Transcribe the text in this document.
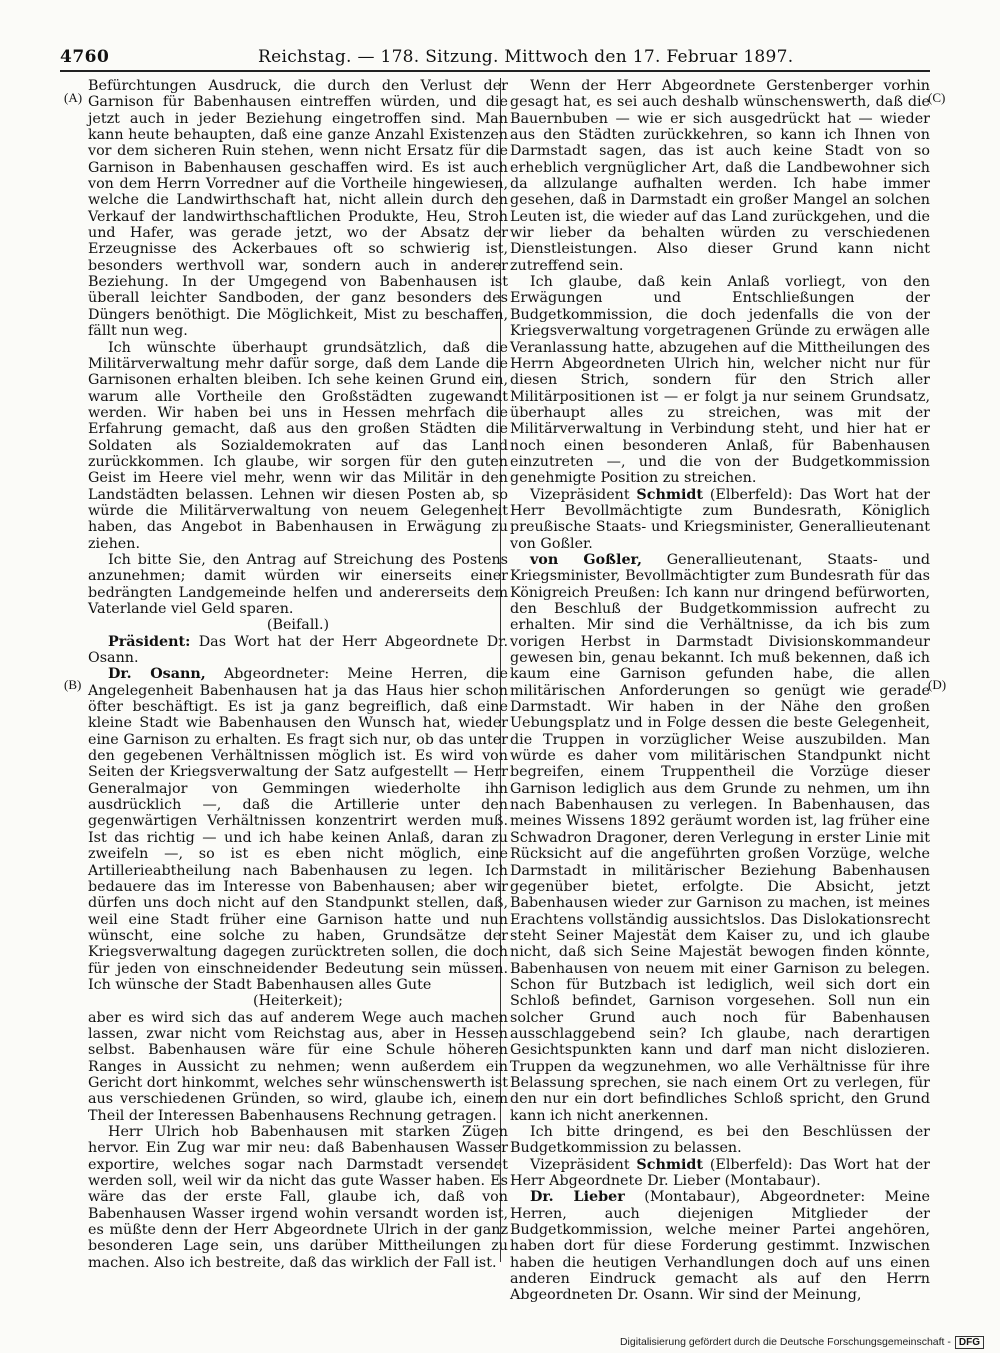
4760	Reichstag. — 178. Sitzung. Mittwoch den 17. Februar 1897.
(A)
(B)
(C)
(D)

Befürchtungen Ausdruck, die durch den Verlust der Garnison für Babenhausen eintreffen würden, und die jetzt auch in jeder Beziehung eingetroffen sind. Man kann heute behaupten, daß eine ganze Anzahl Existenzen vor dem sicheren Ruin stehen, wenn nicht Ersatz für die Garnison in Babenhausen geschaffen wird. Es ist auch von dem Herrn Vorredner auf die Vortheile hingewiesen, welche die Landwirthschaft hat, nicht allein durch den Verkauf der landwirthschaftlichen Produkte, Heu, Stroh und Hafer, was gerade jetzt, wo der Absatz der Erzeugnisse des Ackerbaues oft so schwierig ist, besonders werthvoll war, sondern auch in anderer Beziehung. In der Umgegend von Babenhausen ist überall leichter Sandboden, der ganz besonders des Düngers benöthigt. Die Möglichkeit, Mist zu beschaffen, fällt nun weg.

Ich wünschte überhaupt grundsätzlich, daß die Militärverwaltung mehr dafür sorge, daß dem Lande die Garnisonen erhalten bleiben. Ich sehe keinen Grund ein, warum alle Vortheile den Großstädten zugewandt werden. Wir haben bei uns in Hessen mehrfach die Erfahrung gemacht, daß aus den großen Städten die Soldaten als Sozialdemokraten auf das Land zurückkommen. Ich glaube, wir sorgen für den guten Geist im Heere viel mehr, wenn wir das Militär in den Landstädten belassen. Lehnen wir diesen Posten ab, so würde die Militärverwaltung von neuem Gelegenheit haben, das Angebot in Babenhausen in Erwägung zu ziehen.

Ich bitte Sie, den Antrag auf Streichung des Postens anzunehmen; damit würden wir einerseits einer bedrängten Landgemeinde helfen und andererseits dem Vaterlande viel Geld sparen.

(Beifall.)

Präsident: Das Wort hat der Herr Abgeordnete Dr. Osann.

Dr. Osann, Abgeordneter: Meine Herren, die Angelegenheit Babenhausen hat ja das Haus hier schon öfter beschäftigt. Es ist ja ganz begreiflich, daß eine kleine Stadt wie Babenhausen den Wunsch hat, wieder eine Garnison zu erhalten. Es fragt sich nur, ob das unter den gegebenen Verhältnissen möglich ist. Es wird von Seiten der Kriegsverwaltung der Satz aufgestellt — Herr Generalmajor von Gemmingen wiederholte ihn ausdrücklich —, daß die Artillerie unter den gegenwärtigen Verhältnissen konzentrirt werden muß. Ist das richtig — und ich habe keinen Anlaß, daran zu zweifeln —, so ist es eben nicht möglich, eine Artillerieabtheilung nach Babenhausen zu legen. Ich bedauere das im Interesse von Babenhausen; aber wir dürfen uns doch nicht auf den Standpunkt stellen, daß, weil eine Stadt früher eine Garnison hatte und nun wünscht, eine solche zu haben, Grundsätze der Kriegsverwaltung dagegen zurücktreten sollen, die doch für jeden von einschneidender Bedeutung sein müssen. Ich wünsche der Stadt Babenhausen alles Gute

(Heiterkeit);

aber es wird sich das auf anderem Wege auch machen lassen, zwar nicht vom Reichstag aus, aber in Hessen selbst. Babenhausen wäre für eine Schule höheren Ranges in Aussicht zu nehmen; wenn außerdem ein Gericht dort hinkommt, welches sehr wünschenswerth ist aus verschiedenen Gründen, so wird, glaube ich, einem Theil der Interessen Babenhausens Rechnung getragen.

Herr Ulrich hob Babenhausen mit starken Zügen hervor. Ein Zug war mir neu: daß Babenhausen Wasser exportire, welches sogar nach Darmstadt versendet werden soll, weil wir da nicht das gute Wasser haben. Es wäre das der erste Fall, glaube ich, daß von Babenhausen Wasser irgend wohin versandt worden ist, es müßte denn der Herr Abgeordnete Ulrich in der ganz besonderen Lage sein, uns darüber Mittheilungen zu machen. Also ich bestreite, daß das wirklich der Fall ist.

Wenn der Herr Abgeordnete Gerstenberger vorhin gesagt hat, es sei auch deshalb wünschenswerth, daß die Bauernbuben — wie er sich ausgedrückt hat — wieder aus den Städten zurückkehren, so kann ich Ihnen von Darmstadt sagen, das ist auch keine Stadt von so erheblich vergnüglicher Art, daß die Landbewohner sich da allzulange aufhalten werden. Ich habe immer gesehen, daß in Darmstadt ein großer Mangel an solchen Leuten ist, die wieder auf das Land zurückgehen, und die wir lieber da behalten würden zu verschiedenen Dienstleistungen. Also dieser Grund kann nicht zutreffend sein.

Ich glaube, daß kein Anlaß vorliegt, von den Erwägungen und Entschließungen der Budgetkommission, die doch jedenfalls die von der Kriegsverwaltung vorgetragenen Gründe zu erwägen alle Veranlassung hatte, abzugehen auf die Mittheilungen des Herrn Abgeordneten Ulrich hin, welcher nicht nur für diesen Strich, sondern für den Strich aller Militärpositionen ist — er folgt ja nur seinem Grundsatz, überhaupt alles zu streichen, was mit der Militärverwaltung in Verbindung steht, und hier hat er noch einen besonderen Anlaß, für Babenhausen einzutreten —, und die von der Budgetkommission genehmigte Position zu streichen.

Vizepräsident Schmidt (Elberfeld): Das Wort hat der Herr Bevollmächtigte zum Bundesrath, Königlich preußische Staats- und Kriegsminister, Generallieutenant von Goßler.

von Goßler, Generallieutenant, Staats- und Kriegsminister, Bevollmächtigter zum Bundesrath für das Königreich Preußen: Ich kann nur dringend befürworten, den Beschluß der Budgetkommission aufrecht zu erhalten. Mir sind die Verhältnisse, da ich bis zum vorigen Herbst in Darmstadt Divisionskommandeur gewesen bin, genau bekannt. Ich muß bekennen, daß ich kaum eine Garnison gefunden habe, die allen militärischen Anforderungen so genügt wie gerade Darmstadt. Wir haben in der Nähe den großen Uebungsplatz und in Folge dessen die beste Gelegenheit, die Truppen in vorzüglicher Weise auszubilden. Man würde es daher vom militärischen Standpunkt nicht begreifen, einem Truppentheil die Vorzüge dieser Garnison lediglich aus dem Grunde zu nehmen, um ihn nach Babenhausen zu verlegen. In Babenhausen, das meines Wissens 1892 geräumt worden ist, lag früher eine Schwadron Dragoner, deren Verlegung in erster Linie mit Rücksicht auf die angeführten großen Vorzüge, welche Darmstadt in militärischer Beziehung Babenhausen gegenüber bietet, erfolgte. Die Absicht, jetzt Babenhausen wieder zur Garnison zu machen, ist meines Erachtens vollständig aussichtslos. Das Dislokationsrecht steht Seiner Majestät dem Kaiser zu, und ich glaube nicht, daß sich Seine Majestät bewogen finden könnte, Babenhausen von neuem mit einer Garnison zu belegen. Schon für Butzbach ist lediglich, weil sich dort ein Schloß befindet, Garnison vorgesehen. Soll nun ein solcher Grund auch noch für Babenhausen ausschlaggebend sein? Ich glaube, nach derartigen Gesichtspunkten kann und darf man nicht dislozieren. Truppen da wegzunehmen, wo alle Verhältnisse für ihre Belassung sprechen, sie nach einem Ort zu verlegen, für den nur ein dort befindliches Schloß spricht, den Grund kann ich nicht anerkennen.

Ich bitte dringend, es bei den Beschlüssen der Budgetkommission zu belassen.

Vizepräsident Schmidt (Elberfeld): Das Wort hat der Herr Abgeordnete Dr. Lieber (Montabaur).

Dr. Lieber (Montabaur), Abgeordneter: Meine Herren, auch diejenigen Mitglieder der Budgetkommission, welche meiner Partei angehören, haben dort für diese Forderung gestimmt. Inzwischen haben die heutigen Verhandlungen doch auf uns einen anderen Eindruck gemacht als auf den Herrn Abgeordneten Dr. Osann. Wir sind der Meinung,

Digitalisierung gefördert durch die Deutsche Forschungsgemeinschaft - DFG
